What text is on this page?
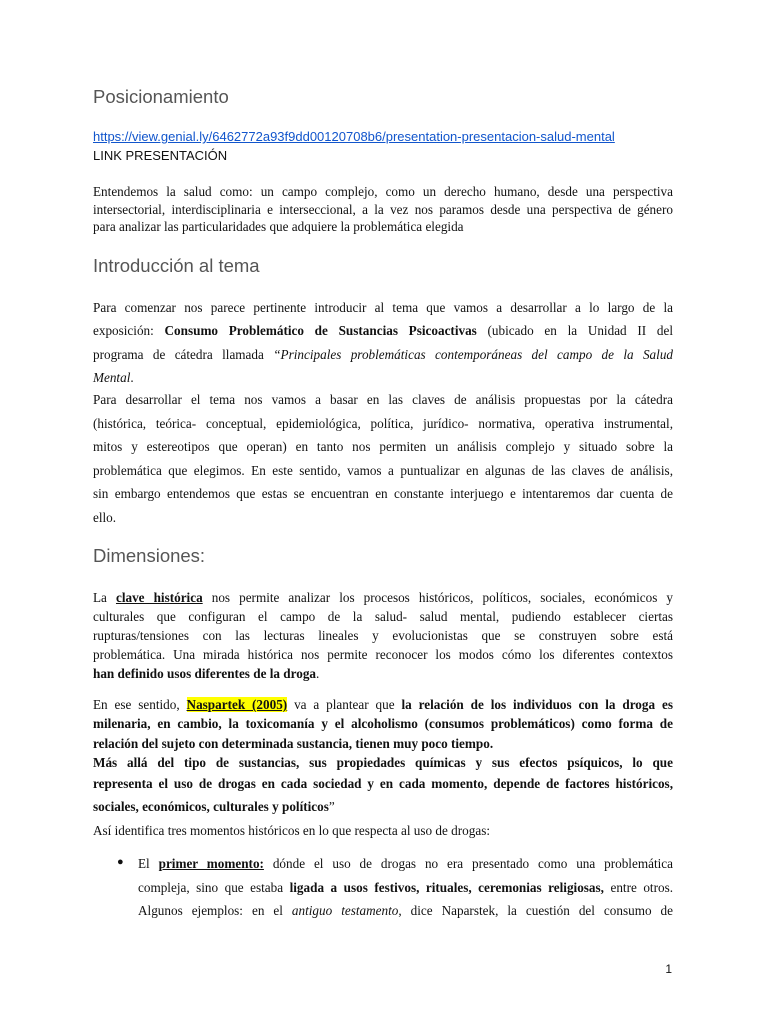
Posicionamiento
https://view.genial.ly/6462772a93f9dd00120708b6/presentation-presentacion-salud-mental
LINK PRESENTACIÓN

Entendemos la salud como: un campo complejo, como un derecho humano, desde una perspectiva
intersectorial, interdisciplinaria e interseccional, a la vez nos paramos desde una perspectiva de género
para analizar las particularidades que adquiere la problemática elegida

Introducción al tema

Para comenzar nos parece pertinente introducir al tema que vamos a desarrollar a lo largo de la
exposición: Consumo Problemático de Sustancias Psicoactivas (ubicado en la Unidad II del
programa de cátedra llamada “Principales problemáticas contemporáneas del campo de la Salud
Mental.

Para desarrollar el tema nos vamos a basar en las claves de análisis propuestas por la cátedra
(histórica, teórica- conceptual, epidemiológica, política, jurídico- normativa, operativa instrumental,
mitos y estereotipos que operan) en tanto nos permiten un análisis complejo y situado sobre la
problemática que elegimos. En este sentido, vamos a puntualizar en algunas de las claves de análisis,
sin embargo entendemos que estas se encuentran en constante interjuego e intentaremos dar cuenta de
ello.

Dimensiones:

La clave histórica nos permite analizar los procesos históricos, políticos, sociales, económicos y
culturales que configuran el campo de la salud- salud mental, pudiendo establecer ciertas
rupturas/tensiones con las lecturas lineales y evolucionistas que se construyen sobre está
problemática. Una mirada histórica nos permite reconocer los modos cómo los diferentes contextos
han definido usos diferentes de la droga.

En ese sentido, Naspartek (2005) va a plantear que la relación de los individuos con la droga es
milenaria, en cambio, la toxicomanía y el alcoholismo (consumos problemáticos) como forma de
relación del sujeto con determinada sustancia, tienen muy poco tiempo.
Más allá del tipo de sustancias, sus propiedades químicas y sus efectos psíquicos, lo que

representa el uso de drogas en cada sociedad y en cada momento, depende de factores históricos,
sociales, económicos, culturales y políticos”
Así identifica tres momentos históricos en lo que respecta al uso de drogas:

● El primer momento: dónde el uso de drogas no era presentado como una problemática
compleja, sino que estaba ligada a usos festivos, rituales, ceremonias religiosas, entre otros.
Algunos ejemplos: en el antiguo testamento, dice Naparstek, la cuestión del consumo de
1
